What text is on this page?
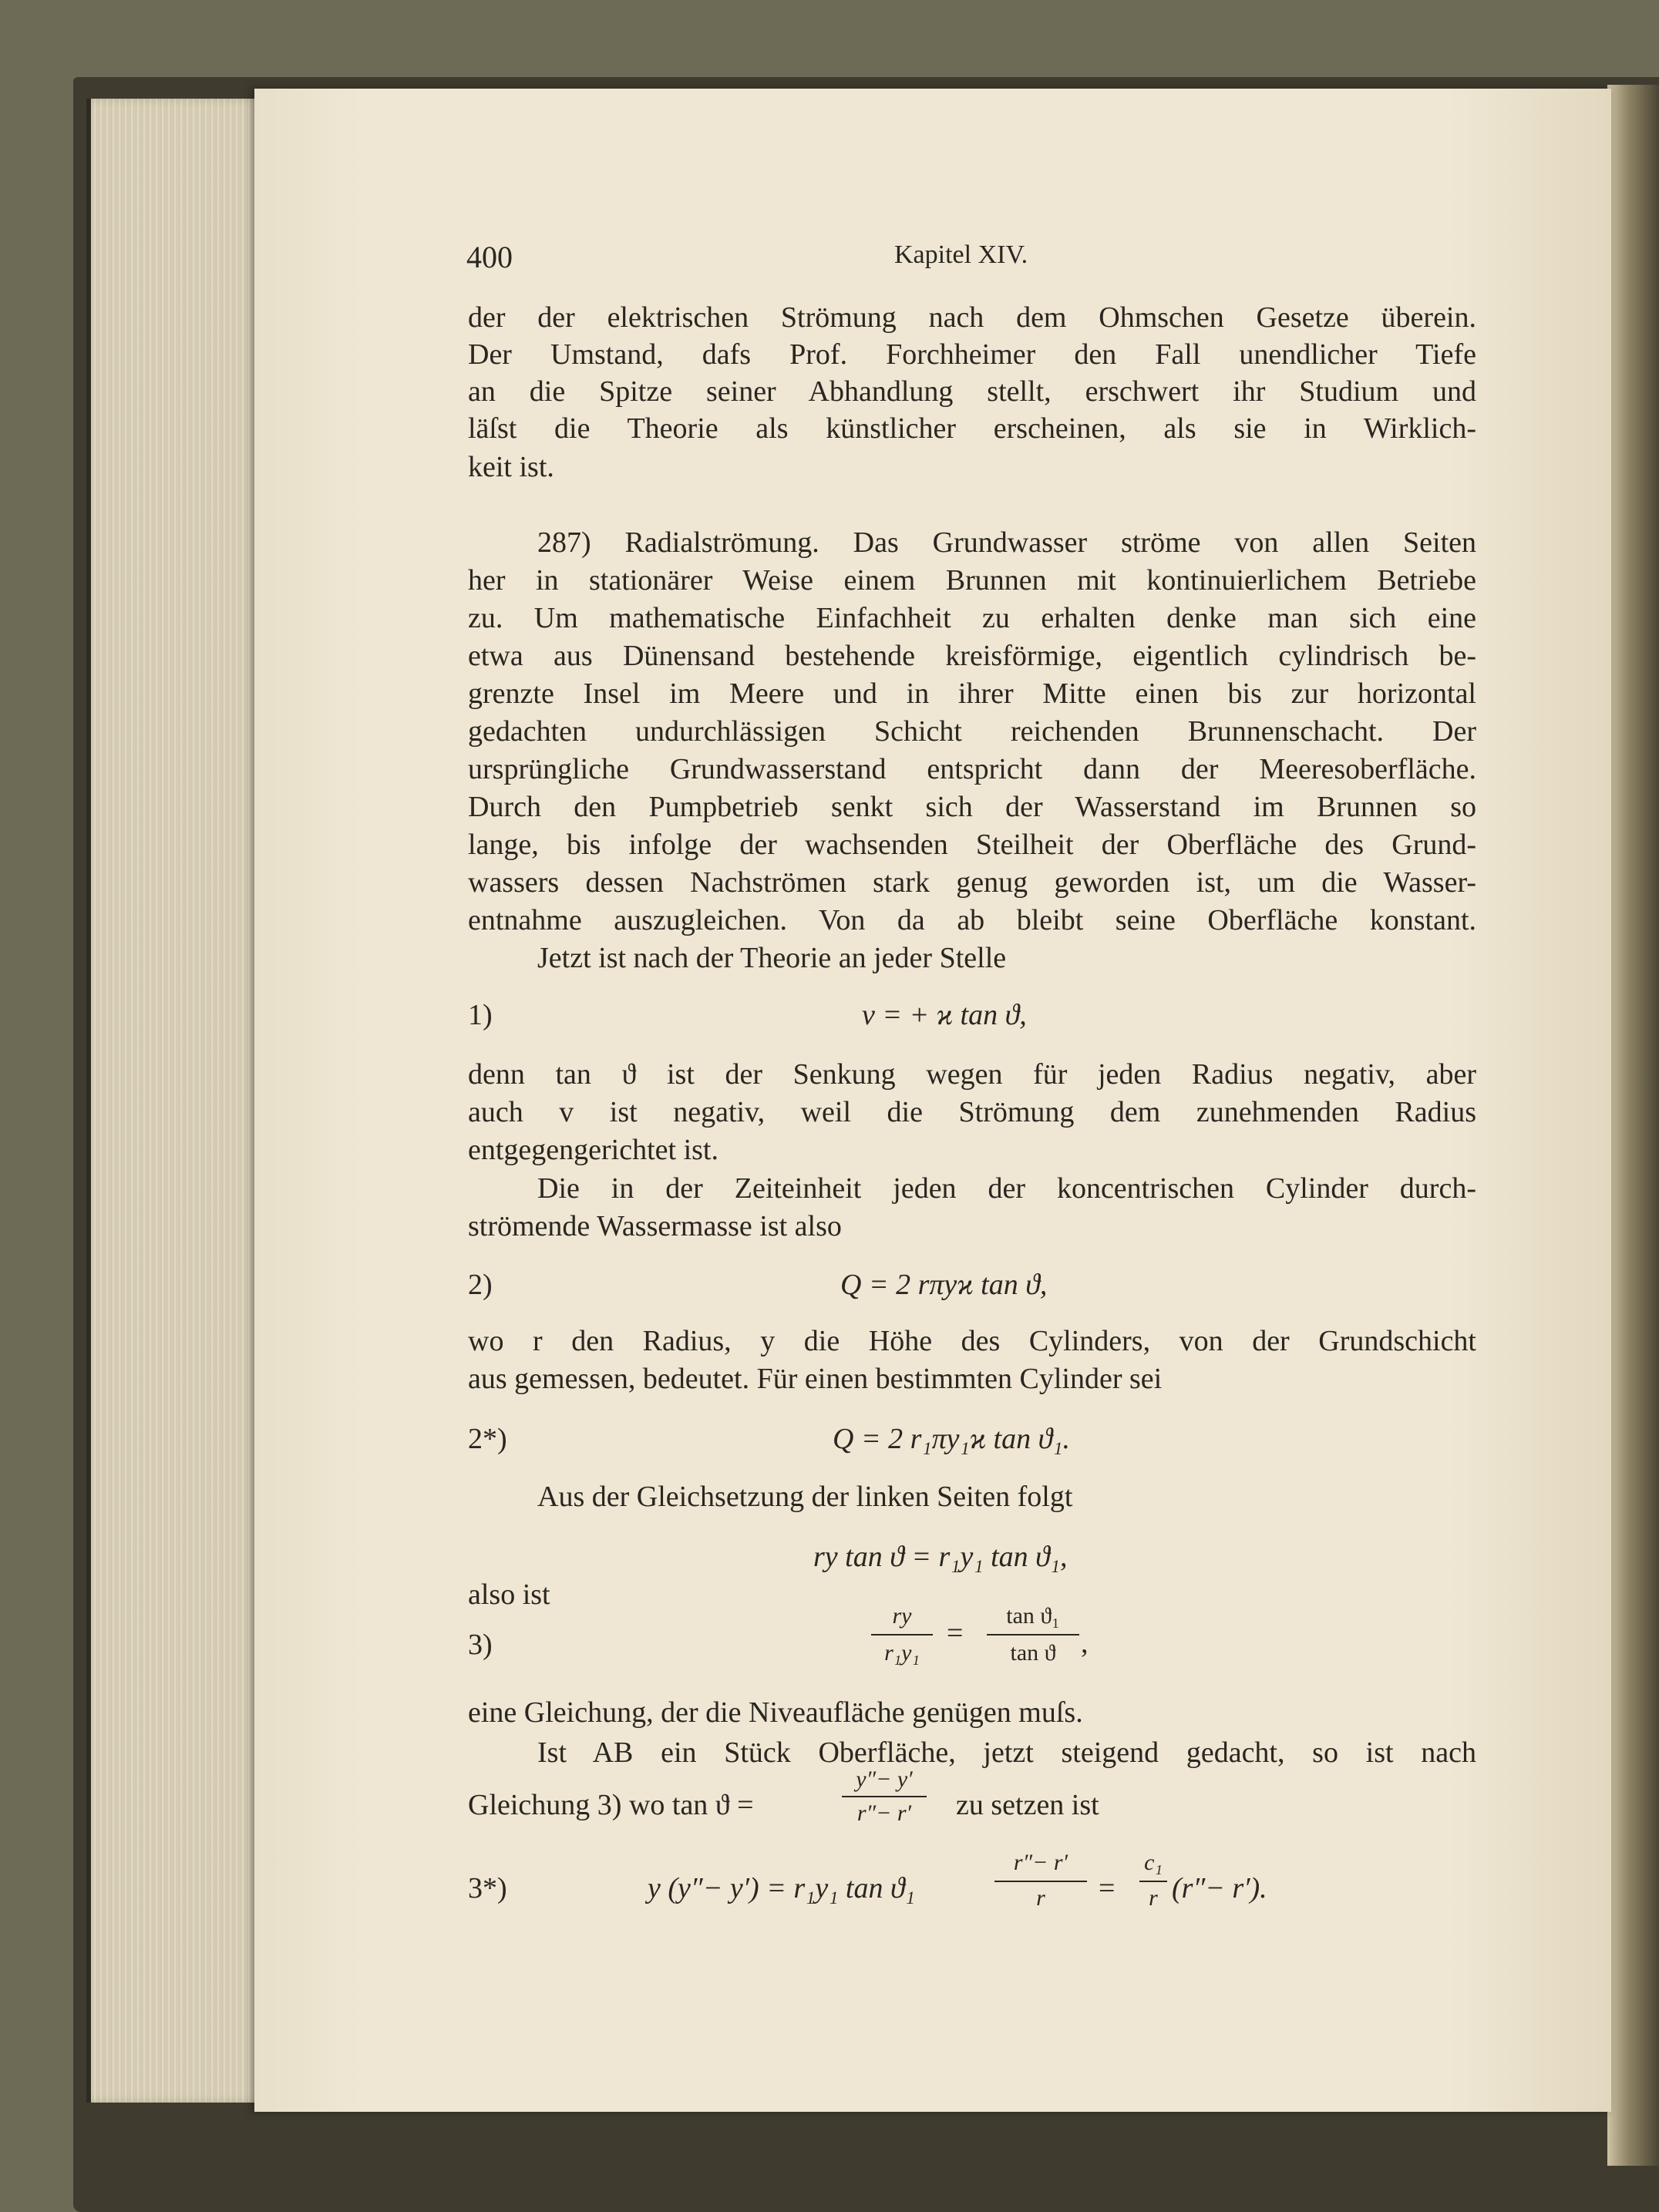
400	Kapitel XIV.
der der elektrischen Strömung nach dem Ohmschen Gesetze überein.
Der Umstand, dafs Prof. Forchheimer den Fall unendlicher Tiefe
an die Spitze seiner Abhandlung stellt, erschwert ihr Studium und
läſst die Theorie als künstlicher erscheinen, als sie in Wirklich-
keit ist.
287) Radialströmung. Das Grundwasser ströme von allen Seiten
her in stationärer Weise einem Brunnen mit kontinuierlichem Betriebe
zu. Um mathematische Einfachheit zu erhalten denke man sich eine
etwa aus Dünensand bestehende kreisförmige, eigentlich cylindrisch be-
grenzte Insel im Meere und in ihrer Mitte einen bis zur horizontal
gedachten undurchlässigen Schicht reichenden Brunnenschacht. Der
ursprüngliche Grundwasserstand entspricht dann der Meeresoberfläche.
Durch den Pumpbetrieb senkt sich der Wasserstand im Brunnen so
lange, bis infolge der wachsenden Steilheit der Oberfläche des Grund-
wassers dessen Nachströmen stark genug geworden ist, um die Wasser-
entnahme auszugleichen. Von da ab bleibt seine Oberfläche konstant.
Jetzt ist nach der Theorie an jeder Stelle
1)	v = + ϰ tan ϑ,
denn tan ϑ ist der Senkung wegen für jeden Radius negativ, aber
auch v ist negativ, weil die Strömung dem zunehmenden Radius
entgegengerichtet ist.
Die in der Zeiteinheit jeden der koncentrischen Cylinder durch-
strömende Wassermasse ist also
2)	Q = 2 rπyϰ tan ϑ,
wo r den Radius, y die Höhe des Cylinders, von der Grundschicht
aus gemessen, bedeutet. Für einen bestimmten Cylinder sei
2*)	Q = 2 r₁πy₁ϰ tan ϑ₁.
Aus der Gleichsetzung der linken Seiten folgt
ry tan ϑ = r₁y₁ tan ϑ₁,
also ist
3)
ry
r₁y₁
=
tan ϑ₁
tan ϑ ,
eine Gleichung, der die Niveaufläche genügen muſs.
Ist AB ein Stück Oberfläche, jetzt steigend gedacht, so ist nach
Gleichung 3) wo tan ϑ =
y″− y′
r″− r′	zu setzen ist
3*)	y (y″− y′) = r₁y₁ tan ϑ₁
r″− r′
r	=
c₁
r (r″− r′).
